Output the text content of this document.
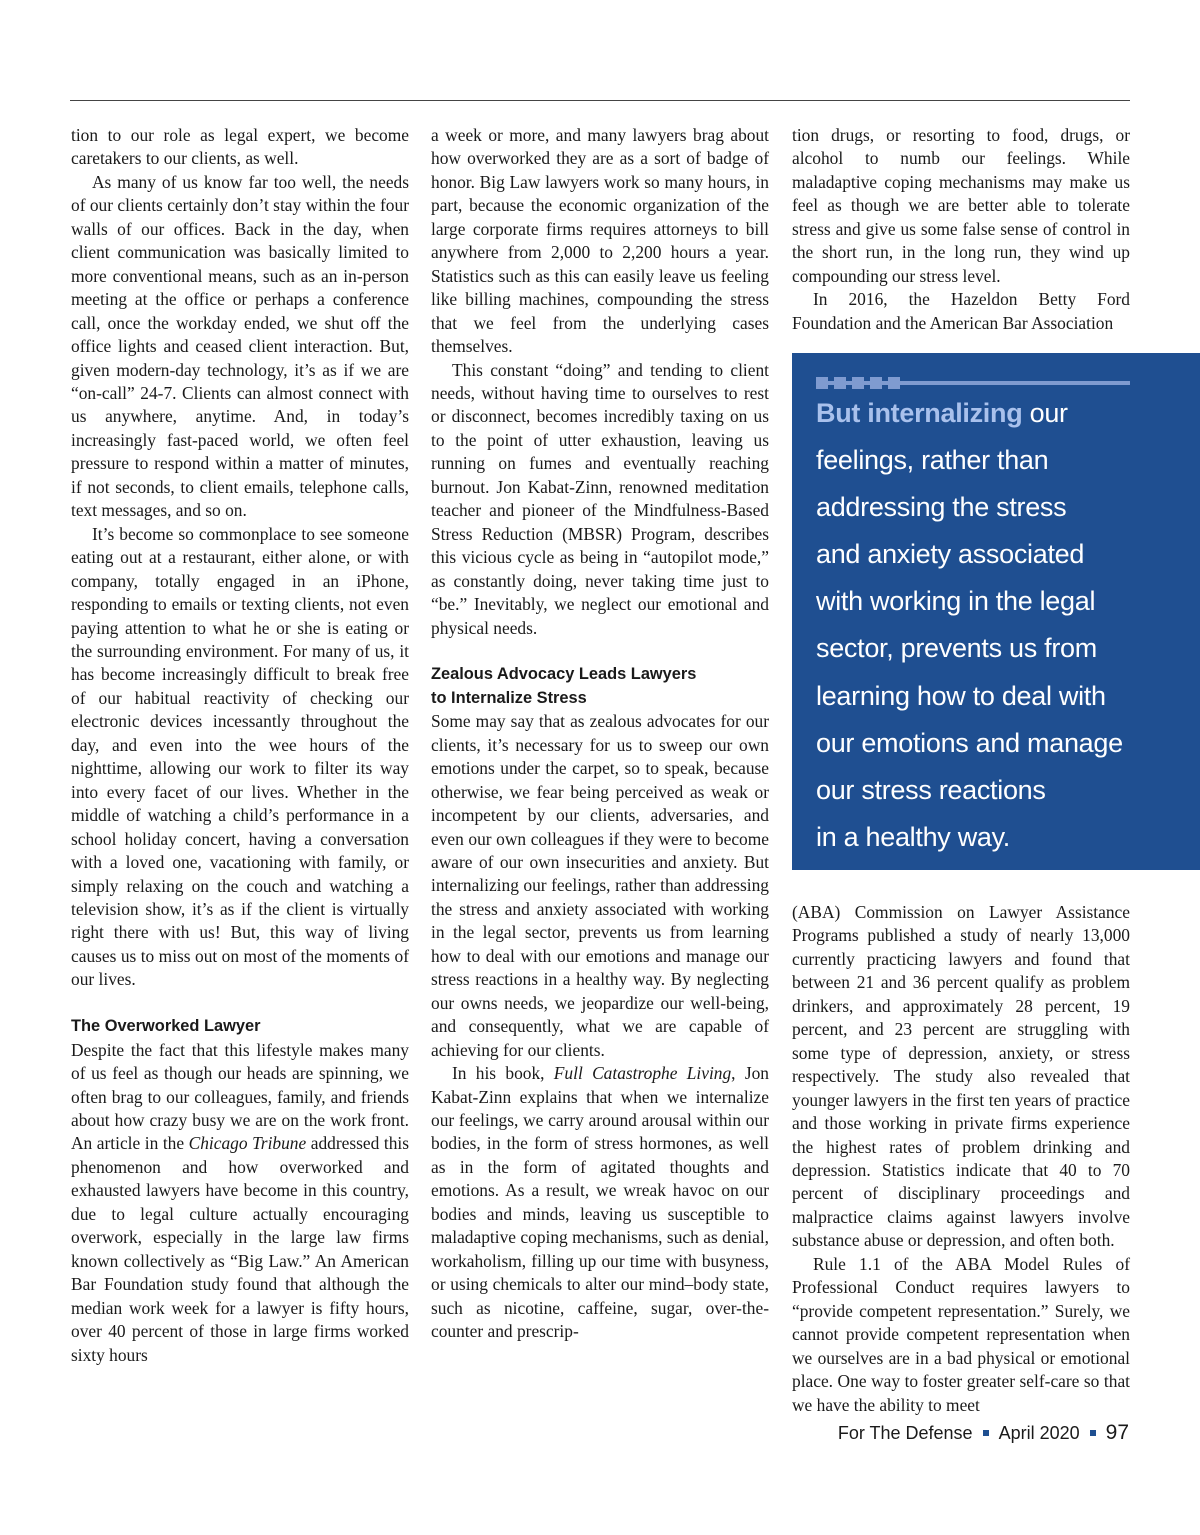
tion to our role as legal expert, we become caretakers to our clients, as well.

As many of us know far too well, the needs of our clients certainly don’t stay within the four walls of our offices. Back in the day, when client communication was basically limited to more conventional means, such as an in-person meeting at the office or perhaps a conference call, once the workday ended, we shut off the office lights and ceased client interaction. But, given modern-day technology, it’s as if we are “on-call” 24-7. Clients can almost connect with us anywhere, anytime. And, in today’s increasingly fast-paced world, we often feel pressure to respond within a matter of minutes, if not seconds, to client emails, telephone calls, text messages, and so on.

It’s become so commonplace to see someone eating out at a restaurant, either alone, or with company, totally engaged in an iPhone, responding to emails or texting clients, not even paying attention to what he or she is eating or the surrounding environment. For many of us, it has become increasingly difficult to break free of our habitual reactivity of checking our electronic devices incessantly throughout the day, and even into the wee hours of the nighttime, allowing our work to filter its way into every facet of our lives. Whether in the middle of watching a child’s performance in a school holiday concert, having a conversation with a loved one, vacationing with family, or simply relaxing on the couch and watching a television show, it’s as if the client is virtually right there with us! But, this way of living causes us to miss out on most of the moments of our lives.

The Overworked Lawyer

Despite the fact that this lifestyle makes many of us feel as though our heads are spinning, we often brag to our colleagues, family, and friends about how crazy busy we are on the work front. An article in the Chicago Tribune addressed this phenomenon and how overworked and exhausted lawyers have become in this country, due to legal culture actually encouraging overwork, especially in the large law firms known collectively as “Big Law.” An American Bar Foundation study found that although the median work week for a lawyer is fifty hours, over 40 percent of those in large firms worked sixty hours

a week or more, and many lawyers brag about how overworked they are as a sort of badge of honor. Big Law lawyers work so many hours, in part, because the economic organization of the large corporate firms requires attorneys to bill anywhere from 2,000 to 2,200 hours a year. Statistics such as this can easily leave us feeling like billing machines, compounding the stress that we feel from the underlying cases themselves.

This constant “doing” and tending to client needs, without having time to ourselves to rest or disconnect, becomes incredibly taxing on us to the point of utter exhaustion, leaving us running on fumes and eventually reaching burnout. Jon Kabat-Zinn, renowned meditation teacher and pioneer of the Mindfulness-Based Stress Reduction (MBSR) Program, describes this vicious cycle as being in “autopilot mode,” as constantly doing, never taking time just to “be.” Inevitably, we neglect our emotional and physical needs.

Zealous Advocacy Leads Lawyers
to Internalize Stress

Some may say that as zealous advocates for our clients, it’s necessary for us to sweep our own emotions under the carpet, so to speak, because otherwise, we fear being perceived as weak or incompetent by our clients, adversaries, and even our own colleagues if they were to become aware of our own insecurities and anxiety. But internalizing our feelings, rather than addressing the stress and anxiety associated with working in the legal sector, prevents us from learning how to deal with our emotions and manage our stress reactions in a healthy way. By neglecting our owns needs, we jeopardize our well-being, and consequently, what we are capable of achieving for our clients.

In his book, Full Catastrophe Living, Jon Kabat-Zinn explains that when we internalize our feelings, we carry around arousal within our bodies, in the form of stress hormones, as well as in the form of agitated thoughts and emotions. As a result, we wreak havoc on our bodies and minds, leaving us susceptible to maladaptive coping mechanisms, such as denial, workaholism, filling up our time with busyness, or using chemicals to alter our mind–body state, such as nicotine, caffeine, sugar, over-the-counter and prescrip-

tion drugs, or resorting to food, drugs, or alcohol to numb our feelings. While maladaptive coping mechanisms may make us feel as though we are better able to tolerate stress and give us some false sense of control in the short run, in the long run, they wind up compounding our stress level.

In 2016, the Hazeldon Betty Ford Foundation and the American Bar Association

But internalizing our
feelings, rather than
addressing the stress
and anxiety associated
with working in the legal
sector, prevents us from
learning how to deal with
our emotions and manage
our stress reactions
in a healthy way.

(ABA) Commission on Lawyer Assistance Programs published a study of nearly 13,000 currently practicing lawyers and found that between 21 and 36 percent qualify as problem drinkers, and approximately 28 percent, 19 percent, and 23 percent are struggling with some type of depression, anxiety, or stress respectively. The study also revealed that younger lawyers in the first ten years of practice and those working in private firms experience the highest rates of problem drinking and depression. Statistics indicate that 40 to 70 percent of disciplinary proceedings and malpractice claims against lawyers involve substance abuse or depression, and often both.

Rule 1.1 of the ABA Model Rules of Professional Conduct requires lawyers to “provide competent representation.” Surely, we cannot provide competent representation when we ourselves are in a bad physical or emotional place. One way to foster greater self-care so that we have the ability to meet

For The Defense April 2020 97
